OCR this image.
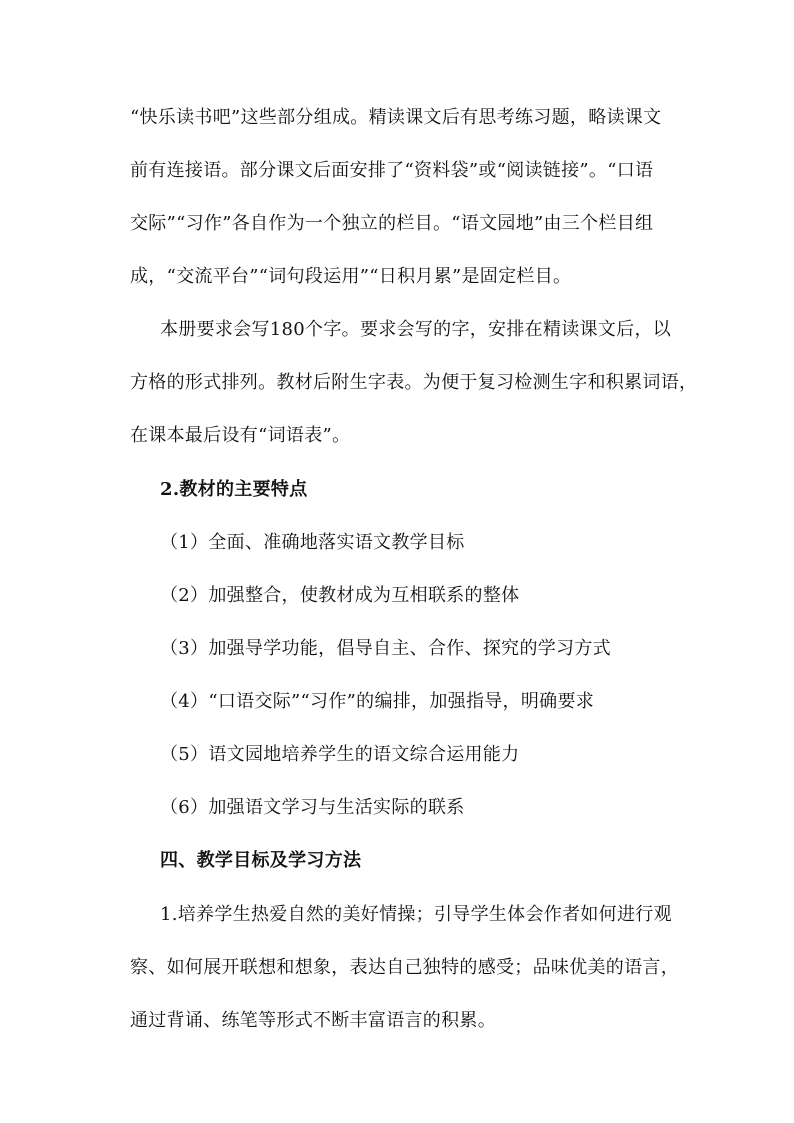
“快乐读书吧”这些部分组成。精读课文后有思考练习题，略读课文
前有连接语。部分课文后面安排了“资料袋”或“阅读链接”。“口语
交际”“习作”各自作为一个独立的栏目。“语文园地”由三个栏目组
成，“交流平台”“词句段运用”“日积月累”是固定栏目。
本册要求会写180个字。要求会写的字，安排在精读课文后，以
方格的形式排列。教材后附生字表。为便于复习检测生字和积累词语，
在课本最后设有“词语表”。
2.教材的主要特点
（1）全面、准确地落实语文教学目标
（2）加强整合，使教材成为互相联系的整体
（3）加强导学功能，倡导自主、合作、探究的学习方式
（4）“口语交际”“习作”的编排，加强指导，明确要求
（5）语文园地培养学生的语文综合运用能力
（6）加强语文学习与生活实际的联系
四、教学目标及学习方法
1.培养学生热爱自然的美好情操；引导学生体会作者如何进行观
察、如何展开联想和想象，表达自己独特的感受；品味优美的语言，
通过背诵、练笔等形式不断丰富语言的积累。
